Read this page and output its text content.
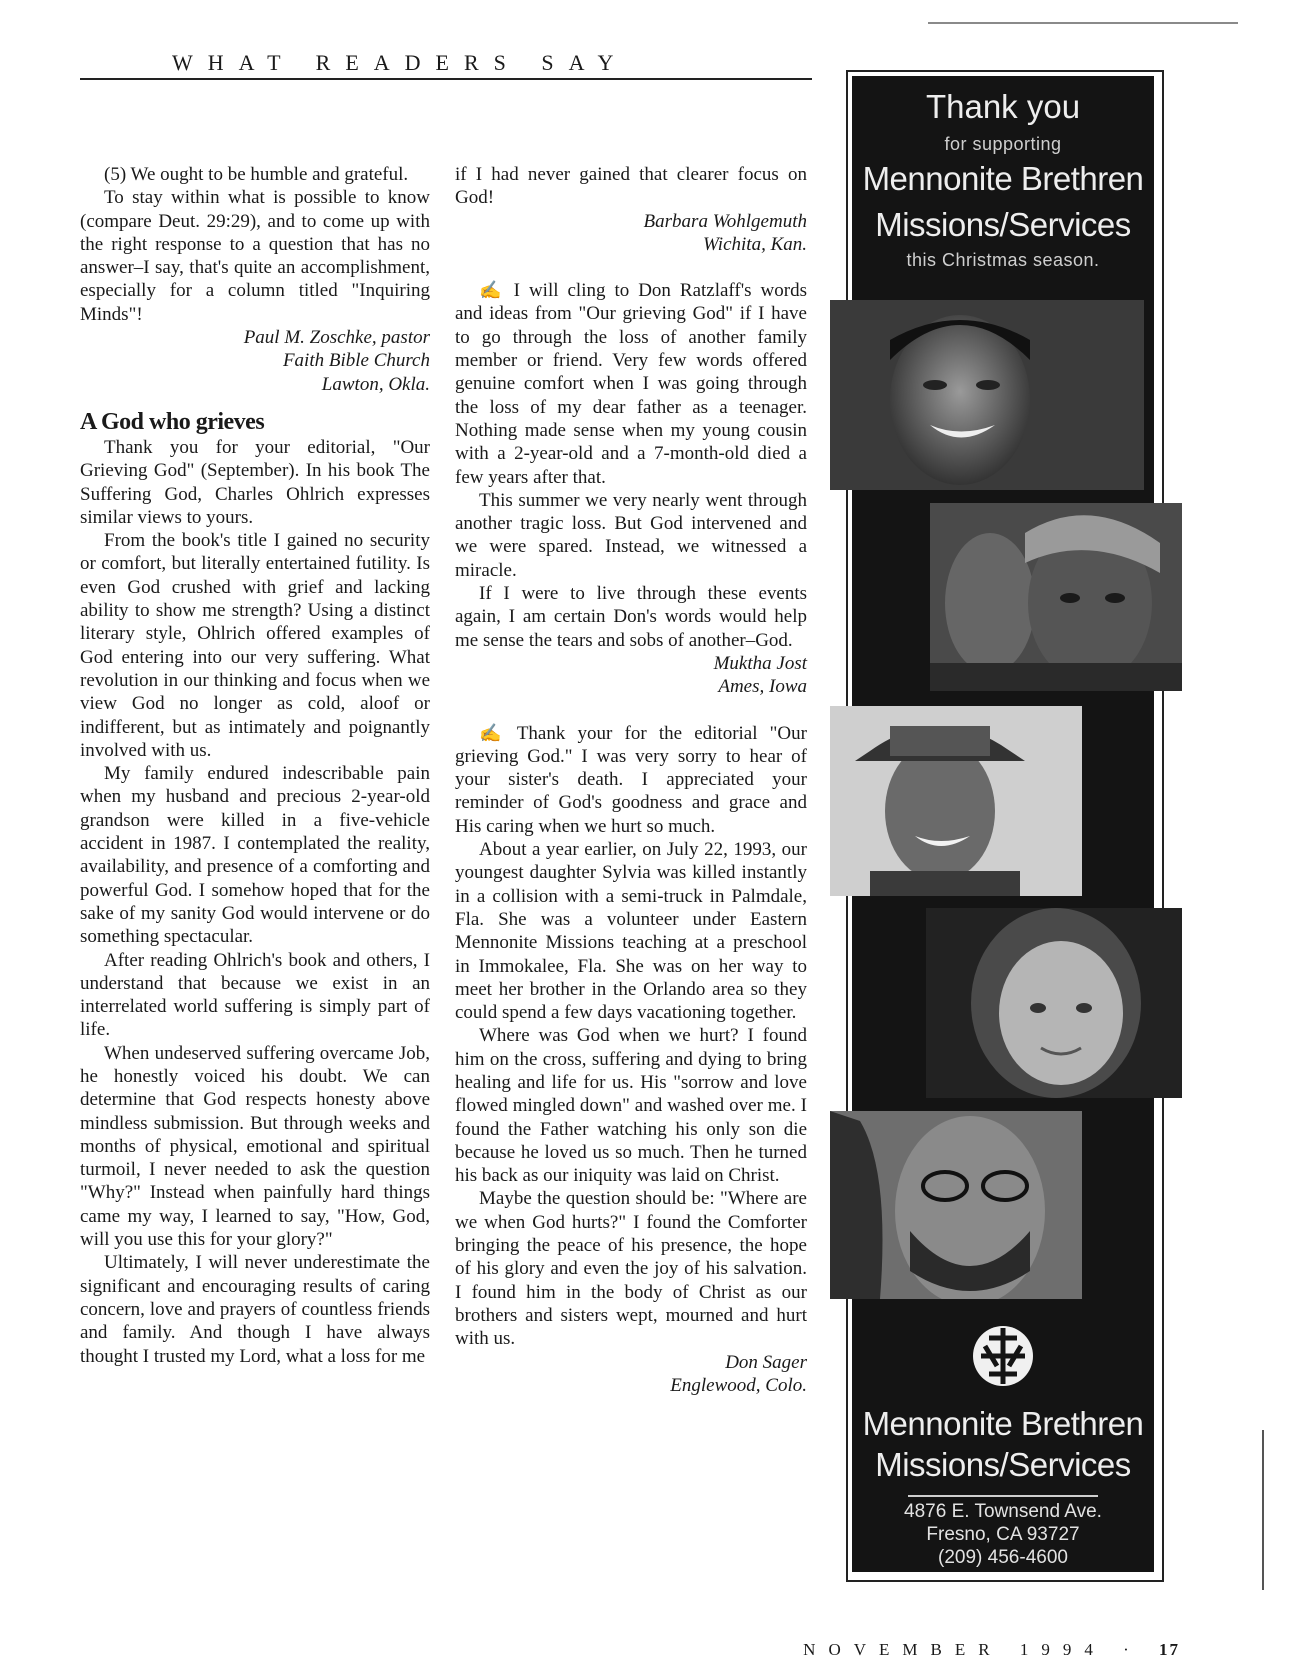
WHAT READERS SAY

(5) We ought to be humble and grateful.

To stay within what is possible to know (compare Deut. 29:29), and to come up with the right response to a question that has no answer–I say, that's quite an accomplishment, especially for a column titled "Inquiring Minds"!

Paul M. Zoschke, pastor
Faith Bible Church
Lawton, Okla.
A God who grieves

Thank you for your editorial, "Our Grieving God" (September). In his book The Suffering God, Charles Ohlrich expresses similar views to yours.

From the book's title I gained no security or comfort, but literally entertained futility. Is even God crushed with grief and lacking ability to show me strength? Using a distinct literary style, Ohlrich offered examples of God entering into our very suffering. What revolution in our thinking and focus when we view God no longer as cold, aloof or indifferent, but as intimately and poignantly involved with us.

My family endured indescribable pain when my husband and precious 2-year-old grandson were killed in a five-vehicle accident in 1987. I contemplated the reality, availability, and presence of a comforting and powerful God. I somehow hoped that for the sake of my sanity God would intervene or do something spectacular.

After reading Ohlrich's book and others, I understand that because we exist in an interrelated world suffering is simply part of life.

When undeserved suffering overcame Job, he honestly voiced his doubt. We can determine that God respects honesty above mindless submission. But through weeks and months of physical, emotional and spiritual turmoil, I never needed to ask the question "Why?" Instead when painfully hard things came my way, I learned to say, "How, God, will you use this for your glory?"

Ultimately, I will never underestimate the significant and encouraging results of caring concern, love and prayers of countless friends and family. And though I have always thought I trusted my Lord, what a loss for me

if I had never gained that clearer focus on God!

Barbara Wohlgemuth
Wichita, Kan.

✍ I will cling to Don Ratzlaff's words and ideas from "Our grieving God" if I have to go through the loss of another family member or friend. Very few words offered genuine comfort when I was going through the loss of my dear father as a teenager. Nothing made sense when my young cousin with a 2-year-old and a 7-month-old died a few years after that.

This summer we very nearly went through another tragic loss. But God intervened and we were spared. Instead, we witnessed a miracle.

If I were to live through these events again, I am certain Don's words would help me sense the tears and sobs of another–God.

Muktha Jost
Ames, Iowa

✍ Thank your for the editorial "Our grieving God." I was very sorry to hear of your sister's death. I appreciated your reminder of God's goodness and grace and His caring when we hurt so much.

About a year earlier, on July 22, 1993, our youngest daughter Sylvia was killed instantly in a collision with a semi-truck in Palmdale, Fla. She was a volunteer under Eastern Mennonite Missions teaching at a preschool in Immokalee, Fla. She was on her way to meet her brother in the Orlando area so they could spend a few days vacationing together.

Where was God when we hurt? I found him on the cross, suffering and dying to bring healing and life for us. His "sorrow and love flowed mingled down" and washed over me. I found the Father watching his only son die because he loved us so much. Then he turned his back as our iniquity was laid on Christ.

Maybe the question should be: "Where are we when God hurts?" I found the Comforter bringing the peace of his presence, the hope of his glory and even the joy of his salvation. I found him in the body of Christ as our brothers and sisters wept, mourned and hurt with us.

Don Sager
Englewood, Colo.
Thank you
for supporting
Mennonite Brethren
Missions/Services
this Christmas season.
Mennonite Brethren
Missions/Services
4876 E. Townsend Ave.
Fresno, CA 93727
(209) 456-4600
NOVEMBER 1994 · 17
